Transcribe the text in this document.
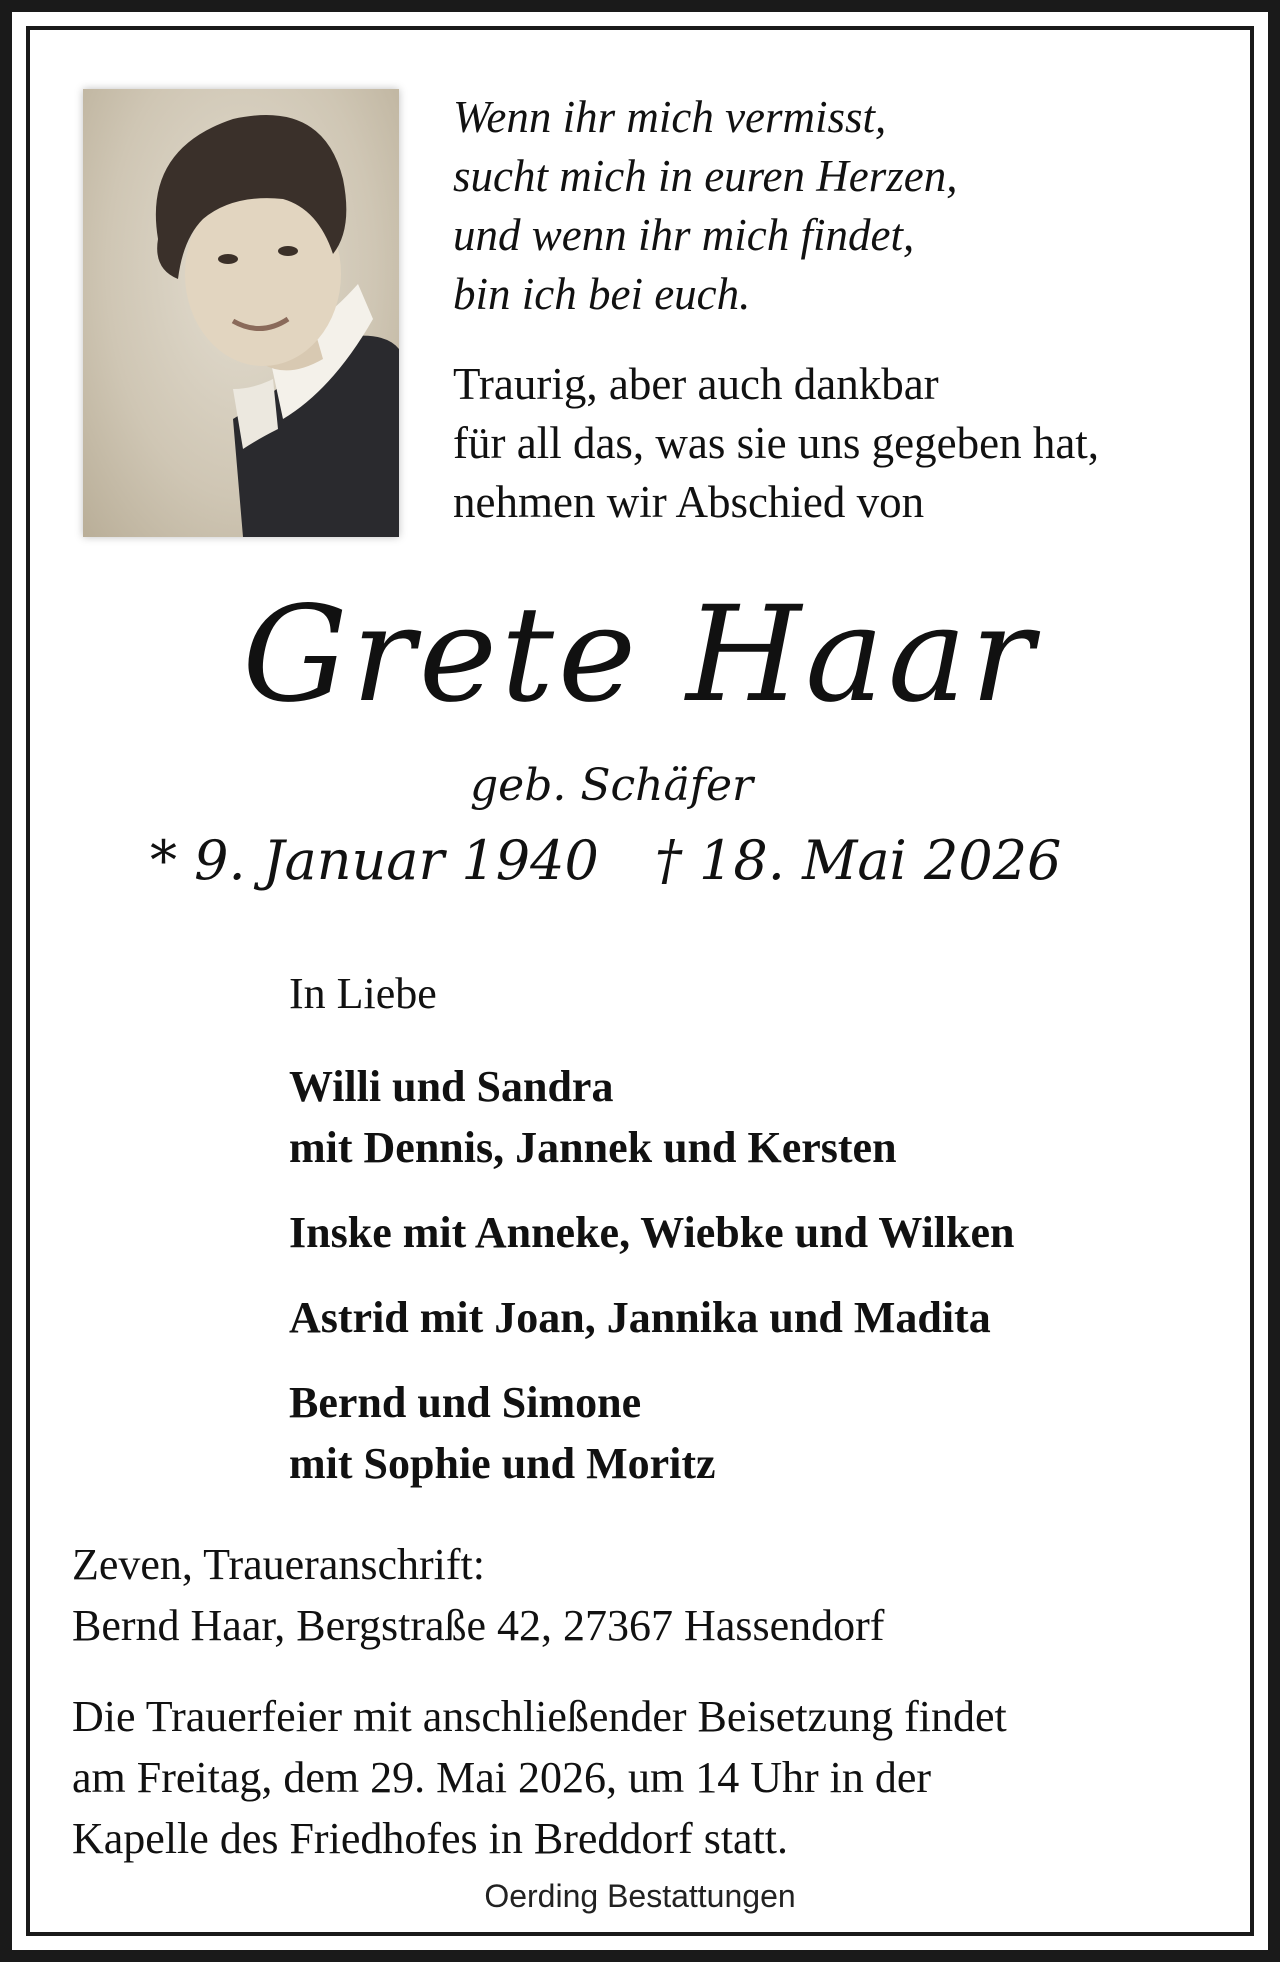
Wenn ihr mich vermisst,
sucht mich in euren Herzen,
und wenn ihr mich findet,
bin ich bei euch.
Traurig, aber auch dankbar
für all das, was sie uns gegeben hat,
nehmen wir Abschied von
Grete Haar
geb. Schäfer
* 9. Januar 1940 † 18. Mai 2026
In Liebe
Willi und Sandra
mit Dennis, Jannek und Kersten
Inske mit Anneke, Wiebke und Wilken
Astrid mit Joan, Jannika und Madita
Bernd und Simone
mit Sophie und Moritz
Zeven, Traueranschrift:
Bernd Haar, Bergstraße 42, 27367 Hassendorf
Die Trauerfeier mit anschließender Beisetzung findet
am Freitag, dem 29. Mai 2026, um 14 Uhr in der
Kapelle des Friedhofes in Breddorf statt.
Oerding Bestattungen
